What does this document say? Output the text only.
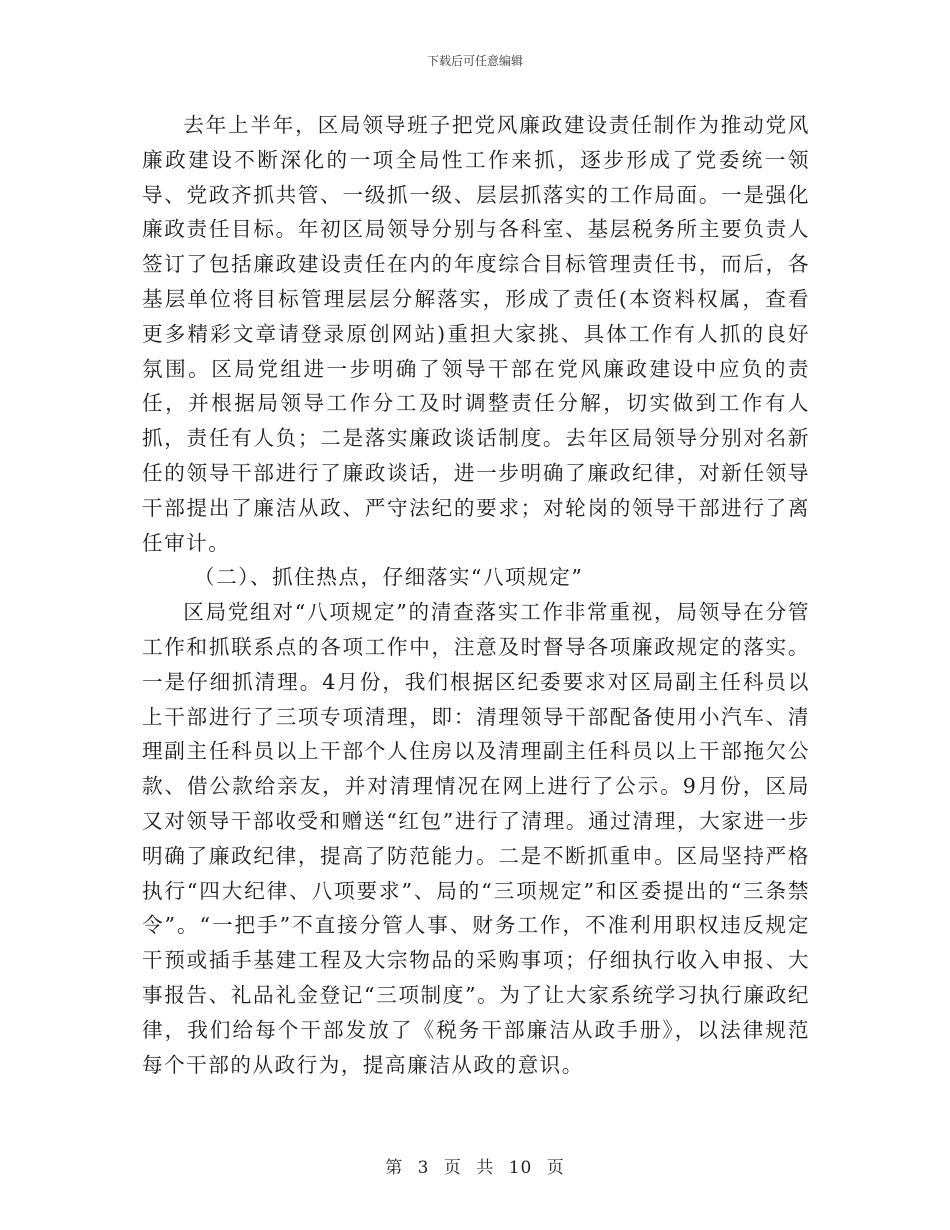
下载后可任意编辑

去年上半年，区局领导班子把党风廉政建设责任制作为推动党风廉政建设不断深化的一项全局性工作来抓，逐步形成了党委统一领导、党政齐抓共管、一级抓一级、层层抓落实的工作局面。一是强化廉政责任目标。年初区局领导分别与各科室、基层税务所主要负责人签订了包括廉政建设责任在内的年度综合目标管理责任书，而后，各基层单位将目标管理层层分解落实，形成了责任(本资料权属，查看更多精彩文章请登录原创网站)重担大家挑、具体工作有人抓的良好氛围。区局党组进一步明确了领导干部在党风廉政建设中应负的责任，并根据局领导工作分工及时调整责任分解，切实做到工作有人抓，责任有人负；二是落实廉政谈话制度。去年区局领导分别对名新任的领导干部进行了廉政谈话，进一步明确了廉政纪律，对新任领导干部提出了廉洁从政、严守法纪的要求；对轮岗的领导干部进行了离任审计。

（二）、抓住热点，仔细落实“八项规定”

区局党组对“八项规定”的清查落实工作非常重视，局领导在分管工作和抓联系点的各项工作中，注意及时督导各项廉政规定的落实。一是仔细抓清理。4月份，我们根据区纪委要求对区局副主任科员以上干部进行了三项专项清理，即：清理领导干部配备使用小汽车、清理副主任科员以上干部个人住房以及清理副主任科员以上干部拖欠公款、借公款给亲友，并对清理情况在网上进行了公示。9月份，区局又对领导干部收受和赠送“红包”进行了清理。通过清理，大家进一步明确了廉政纪律，提高了防范能力。二是不断抓重申。区局坚持严格执行“四大纪律、八项要求”、局的“三项规定”和区委提出的“三条禁令”。“一把手”不直接分管人事、财务工作，不准利用职权违反规定干预或插手基建工程及大宗物品的采购事项；仔细执行收入申报、大事报告、礼品礼金登记“三项制度”。为了让大家系统学习执行廉政纪律，我们给每个干部发放了《税务干部廉洁从政手册》，以法律规范每个干部的从政行为，提高廉洁从政的意识。

第 3 页 共 10 页
